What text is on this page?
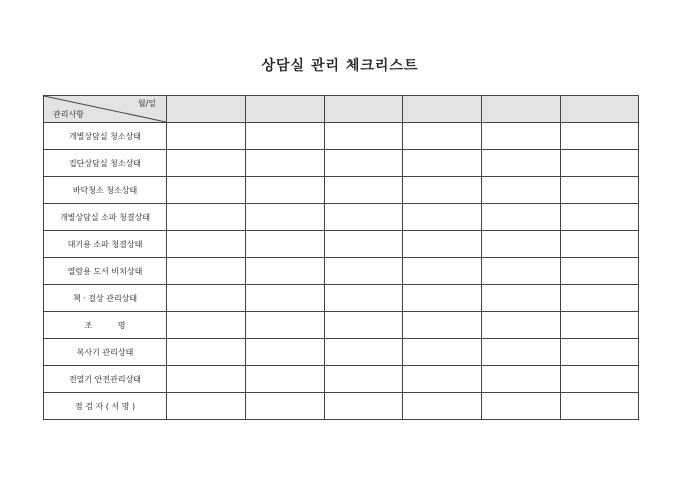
상담실 관리 체크리스트
월/일
관리사항						

개별상담실 청소상태						
집단상담실 청소상태						
바닥청소 청소상태						
개별상담실 소파 청결상태						
대기용 소파 청결상태						
열람용 도서 비치상태						
책 · 걸상 관리상태						
조          명						
복사기 관리상태						
전열기 안전관리상태						
점 검 자 ( 서 명 )						
